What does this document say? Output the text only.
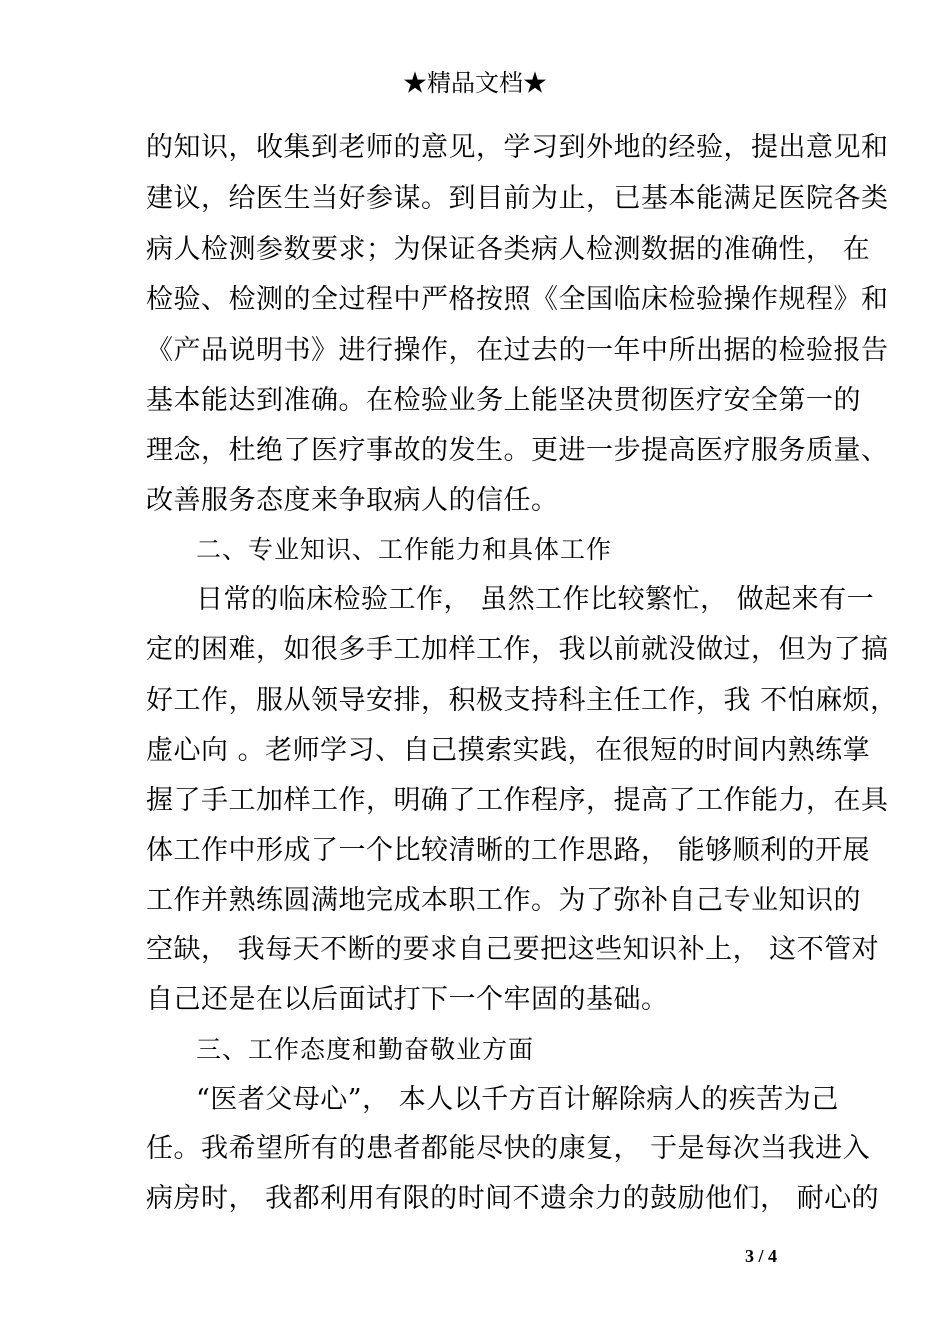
★精品文档★
的知识，收集到老师的意见，学习到外地的经验，提出意见和
建议，给医生当好参谋。到目前为止，已基本能满足医院各类
病人检测参数要求；为保证各类病人检测数据的准确性， 在
检验、检测的全过程中严格按照《全国临床检验操作规程》和
《产品说明书》进行操作，在过去的一年中所出据的检验报告
基本能达到准确。在检验业务上能坚决贯彻医疗安全第一的
理念，杜绝了医疗事故的发生。更进一步提高医疗服务质量、
改善服务态度来争取病人的信任。
二、专业知识、工作能力和具体工作
日常的临床检验工作， 虽然工作比较繁忙， 做起来有一
定的困难，如很多手工加样工作，我以前就没做过，但为了搞
好工作，服从领导安排，积极支持科主任工作，我 不怕麻烦，
虚心向 。老师学习、自己摸索实践，在很短的时间内熟练掌
握了手工加样工作，明确了工作程序，提高了工作能力，在具
体工作中形成了一个比较清晰的工作思路， 能够顺利的开展
工作并熟练圆满地完成本职工作。为了弥补自己专业知识的
空缺， 我每天不断的要求自己要把这些知识补上， 这不管对
自己还是在以后面试打下一个牢固的基础。
三、工作态度和勤奋敬业方面
“医者父母心”， 本人以千方百计解除病人的疾苦为己
任。我希望所有的患者都能尽快的康复， 于是每次当我进入
病房时， 我都利用有限的时间不遗余力的鼓励他们， 耐心的
3 / 4
